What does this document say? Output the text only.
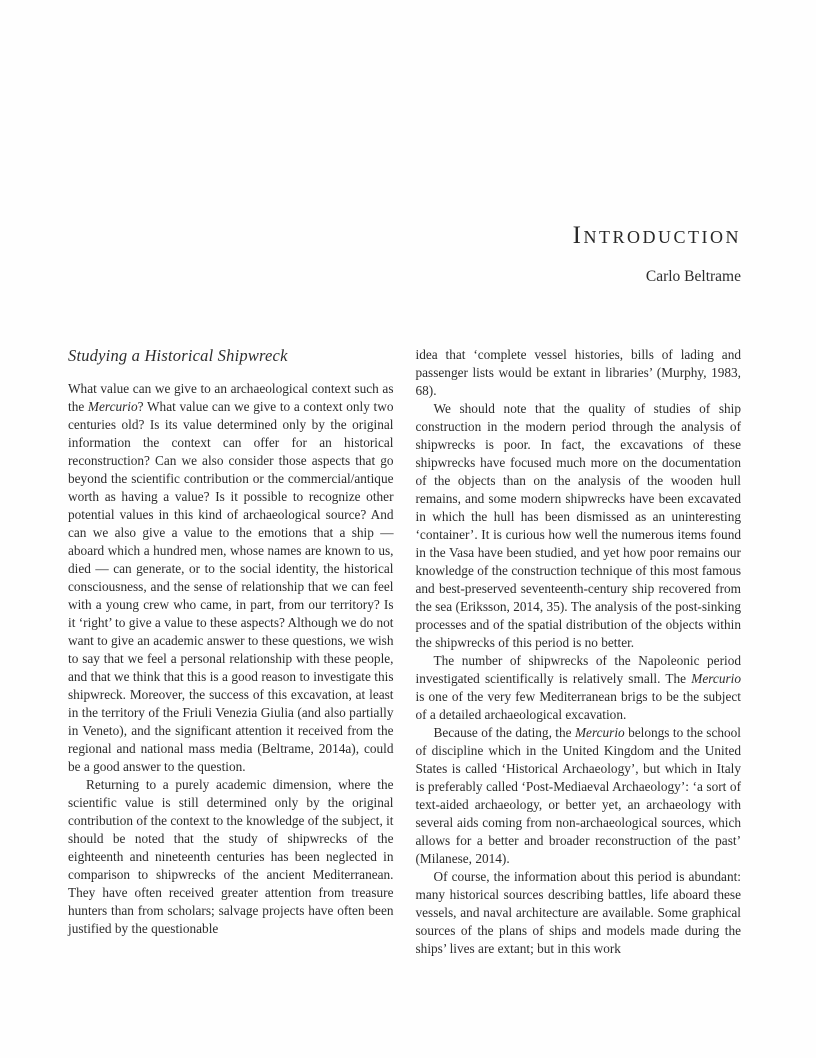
Introduction
Carlo Beltrame
Studying a Historical Shipwreck

What value can we give to an archaeological context such as the Mercurio? What value can we give to a context only two centuries old? Is its value determined only by the original information the context can offer for an historical reconstruction? Can we also consider those aspects that go beyond the scientific contribution or the commercial/antique worth as having a value? Is it possible to recognize other potential values in this kind of archaeological source? And can we also give a value to the emotions that a ship — aboard which a hundred men, whose names are known to us, died — can generate, or to the social identity, the historical consciousness, and the sense of relationship that we can feel with a young crew who came, in part, from our territory? Is it ‘right’ to give a value to these aspects? Although we do not want to give an academic answer to these questions, we wish to say that we feel a personal relationship with these people, and that we think that this is a good reason to investigate this shipwreck. Moreover, the success of this excavation, at least in the territory of the Friuli Venezia Giulia (and also partially in Veneto), and the significant attention it received from the regional and national mass media (Beltrame, 2014a), could be a good answer to the question.

Returning to a purely academic dimension, where the scientific value is still determined only by the original contribution of the context to the knowledge of the subject, it should be noted that the study of shipwrecks of the eighteenth and nineteenth centuries has been neglected in comparison to shipwrecks of the ancient Mediterranean. They have often received greater attention from treasure hunters than from scholars; salvage projects have often been justified by the questionable

idea that ‘complete vessel histories, bills of lading and passenger lists would be extant in libraries’ (Murphy, 1983, 68).

We should note that the quality of studies of ship construction in the modern period through the analysis of shipwrecks is poor. In fact, the excavations of these shipwrecks have focused much more on the documentation of the objects than on the analysis of the wooden hull remains, and some modern shipwrecks have been excavated in which the hull has been dismissed as an uninteresting ‘container’. It is curious how well the numerous items found in the Vasa have been studied, and yet how poor remains our knowledge of the construction technique of this most famous and best-preserved seventeenth-century ship recovered from the sea (Eriksson, 2014, 35). The analysis of the post-sinking processes and of the spatial distribution of the objects within the shipwrecks of this period is no better.

The number of shipwrecks of the Napoleonic period investigated scientifically is relatively small. The Mercurio is one of the very few Mediterranean brigs to be the subject of a detailed archaeological excavation.

Because of the dating, the Mercurio belongs to the school of discipline which in the United Kingdom and the United States is called ‘Historical Archaeology’, but which in Italy is preferably called ‘Post-Mediaeval Archaeology’: ‘a sort of text-aided archaeology, or better yet, an archaeology with several aids coming from non-archaeological sources, which allows for a better and broader reconstruction of the past’ (Milanese, 2014).

Of course, the information about this period is abundant: many historical sources describing battles, life aboard these vessels, and naval architecture are available. Some graphical sources of the plans of ships and models made during the ships’ lives are extant; but in this work
